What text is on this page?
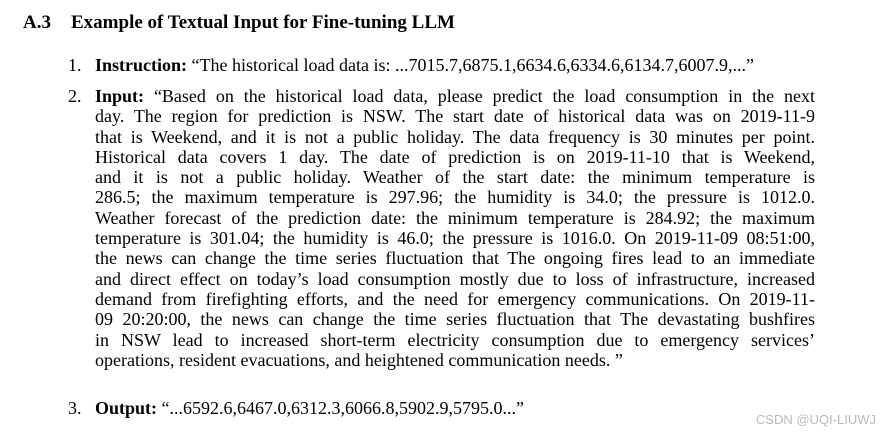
A.3 Example of Textual Input for Fine-tuning LLM
1. Instruction: “The historical load data is: ...7015.7,6875.1,6634.6,6334.6,6134.7,6007.9,...”
2. Input: “Based on the historical load data, please predict the load consumption in the next
day. The region for prediction is NSW. The start date of historical data was on 2019-11-9
that is Weekend, and it is not a public holiday. The data frequency is 30 minutes per point.
Historical data covers 1 day. The date of prediction is on 2019-11-10 that is Weekend,
and it is not a public holiday. Weather of the start date: the minimum temperature is
286.5; the maximum temperature is 297.96; the humidity is 34.0; the pressure is 1012.0.
Weather forecast of the prediction date: the minimum temperature is 284.92; the maximum
temperature is 301.04; the humidity is 46.0; the pressure is 1016.0. On 2019-11-09 08:51:00,
the news can change the time series fluctuation that The ongoing fires lead to an immediate
and direct effect on today’s load consumption mostly due to loss of infrastructure, increased
demand from firefighting efforts, and the need for emergency communications. On 2019-11-
09 20:20:00, the news can change the time series fluctuation that The devastating bushfires
in NSW lead to increased short-term electricity consumption due to emergency services’
operations, resident evacuations, and heightened communication needs. ”
3. Output: “...6592.6,6467.0,6312.3,6066.8,5902.9,5795.0...”
CSDN @UQI-LIUWJ
